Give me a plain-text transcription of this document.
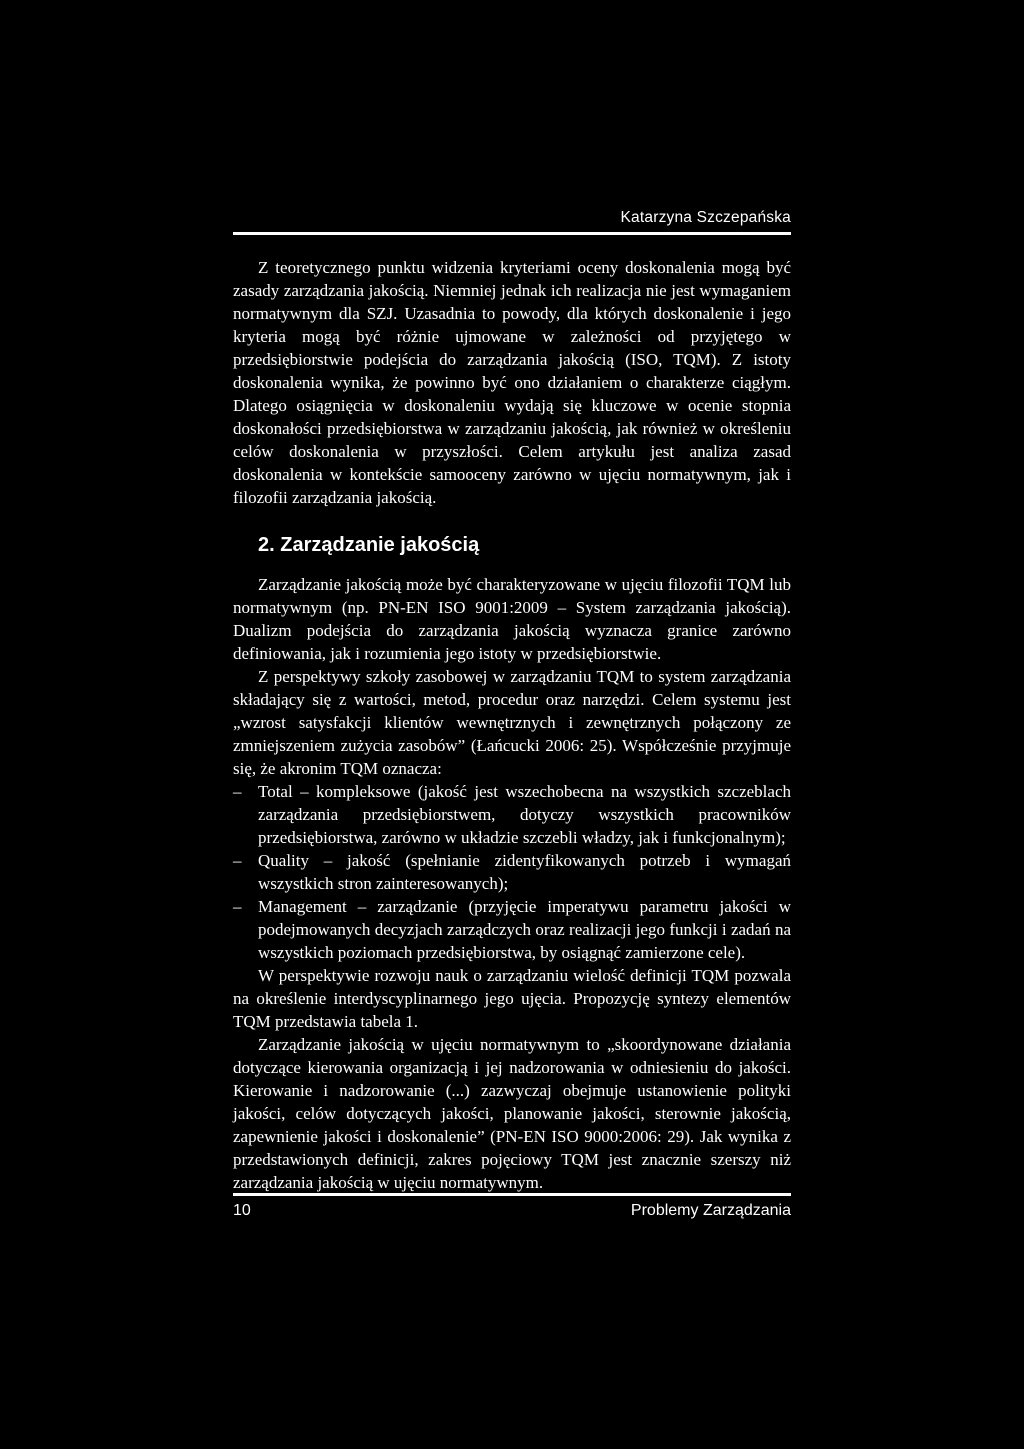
Katarzyna Szczepańska

Z teoretycznego punktu widzenia kryteriami oceny doskonalenia mogą być zasady zarządzania jakością. Niemniej jednak ich realizacja nie jest wymaganiem normatywnym dla SZJ. Uzasadnia to powody, dla których doskonalenie i jego kryteria mogą być różnie ujmowane w zależności od przyjętego w przedsiębiorstwie podejścia do zarządzania jakością (ISO, TQM). Z istoty doskonalenia wynika, że powinno być ono działaniem o charakterze ciągłym. Dlatego osiągnięcia w doskonaleniu wydają się kluczowe w ocenie stopnia doskonałości przedsiębiorstwa w zarządzaniu jakością, jak również w określeniu celów doskonalenia w przyszłości. Celem artykułu jest analiza zasad doskonalenia w kontekście samooceny zarówno w ujęciu normatywnym, jak i filozofii zarządzania jakością.

2. Zarządzanie jakością

Zarządzanie jakością może być charakteryzowane w ujęciu filozofii TQM lub normatywnym (np. PN-EN ISO 9001:2009 – System zarządzania jakością). Dualizm podejścia do zarządzania jakością wyznacza granice zarówno definiowania, jak i rozumienia jego istoty w przedsiębiorstwie.

Z perspektywy szkoły zasobowej w zarządzaniu TQM to system zarządzania składający się z wartości, metod, procedur oraz narzędzi. Celem systemu jest „wzrost satysfakcji klientów wewnętrznych i zewnętrznych połączony ze zmniejszeniem zużycia zasobów” (Łańcucki 2006: 25). Współcześnie przyjmuje się, że akronim TQM oznacza:

– Total – kompleksowe (jakość jest wszechobecna na wszystkich szczeblach zarządzania przedsiębiorstwem, dotyczy wszystkich pracowników przedsiębiorstwa, zarówno w układzie szczebli władzy, jak i funkcjonalnym);
– Quality – jakość (spełnianie zidentyfikowanych potrzeb i wymagań wszystkich stron zainteresowanych);
– Management – zarządzanie (przyjęcie imperatywu parametru jakości w podejmowanych decyzjach zarządczych oraz realizacji jego funkcji i zadań na wszystkich poziomach przedsiębiorstwa, by osiągnąć zamierzone cele).

W perspektywie rozwoju nauk o zarządzaniu wielość definicji TQM pozwala na określenie interdyscyplinarnego jego ujęcia. Propozycję syntezy elementów TQM przedstawia tabela 1.

Zarządzanie jakością w ujęciu normatywnym to „skoordynowane działania dotyczące kierowania organizacją i jej nadzorowania w odniesieniu do jakości. Kierowanie i nadzorowanie (...) zazwyczaj obejmuje ustanowienie polityki jakości, celów dotyczących jakości, planowanie jakości, sterownie jakością, zapewnienie jakości i doskonalenie” (PN-EN ISO 9000:2006: 29). Jak wynika z przedstawionych definicji, zakres pojęciowy TQM jest znacznie szerszy niż zarządzania jakością w ujęciu normatywnym.

10	Problemy Zarządzania
